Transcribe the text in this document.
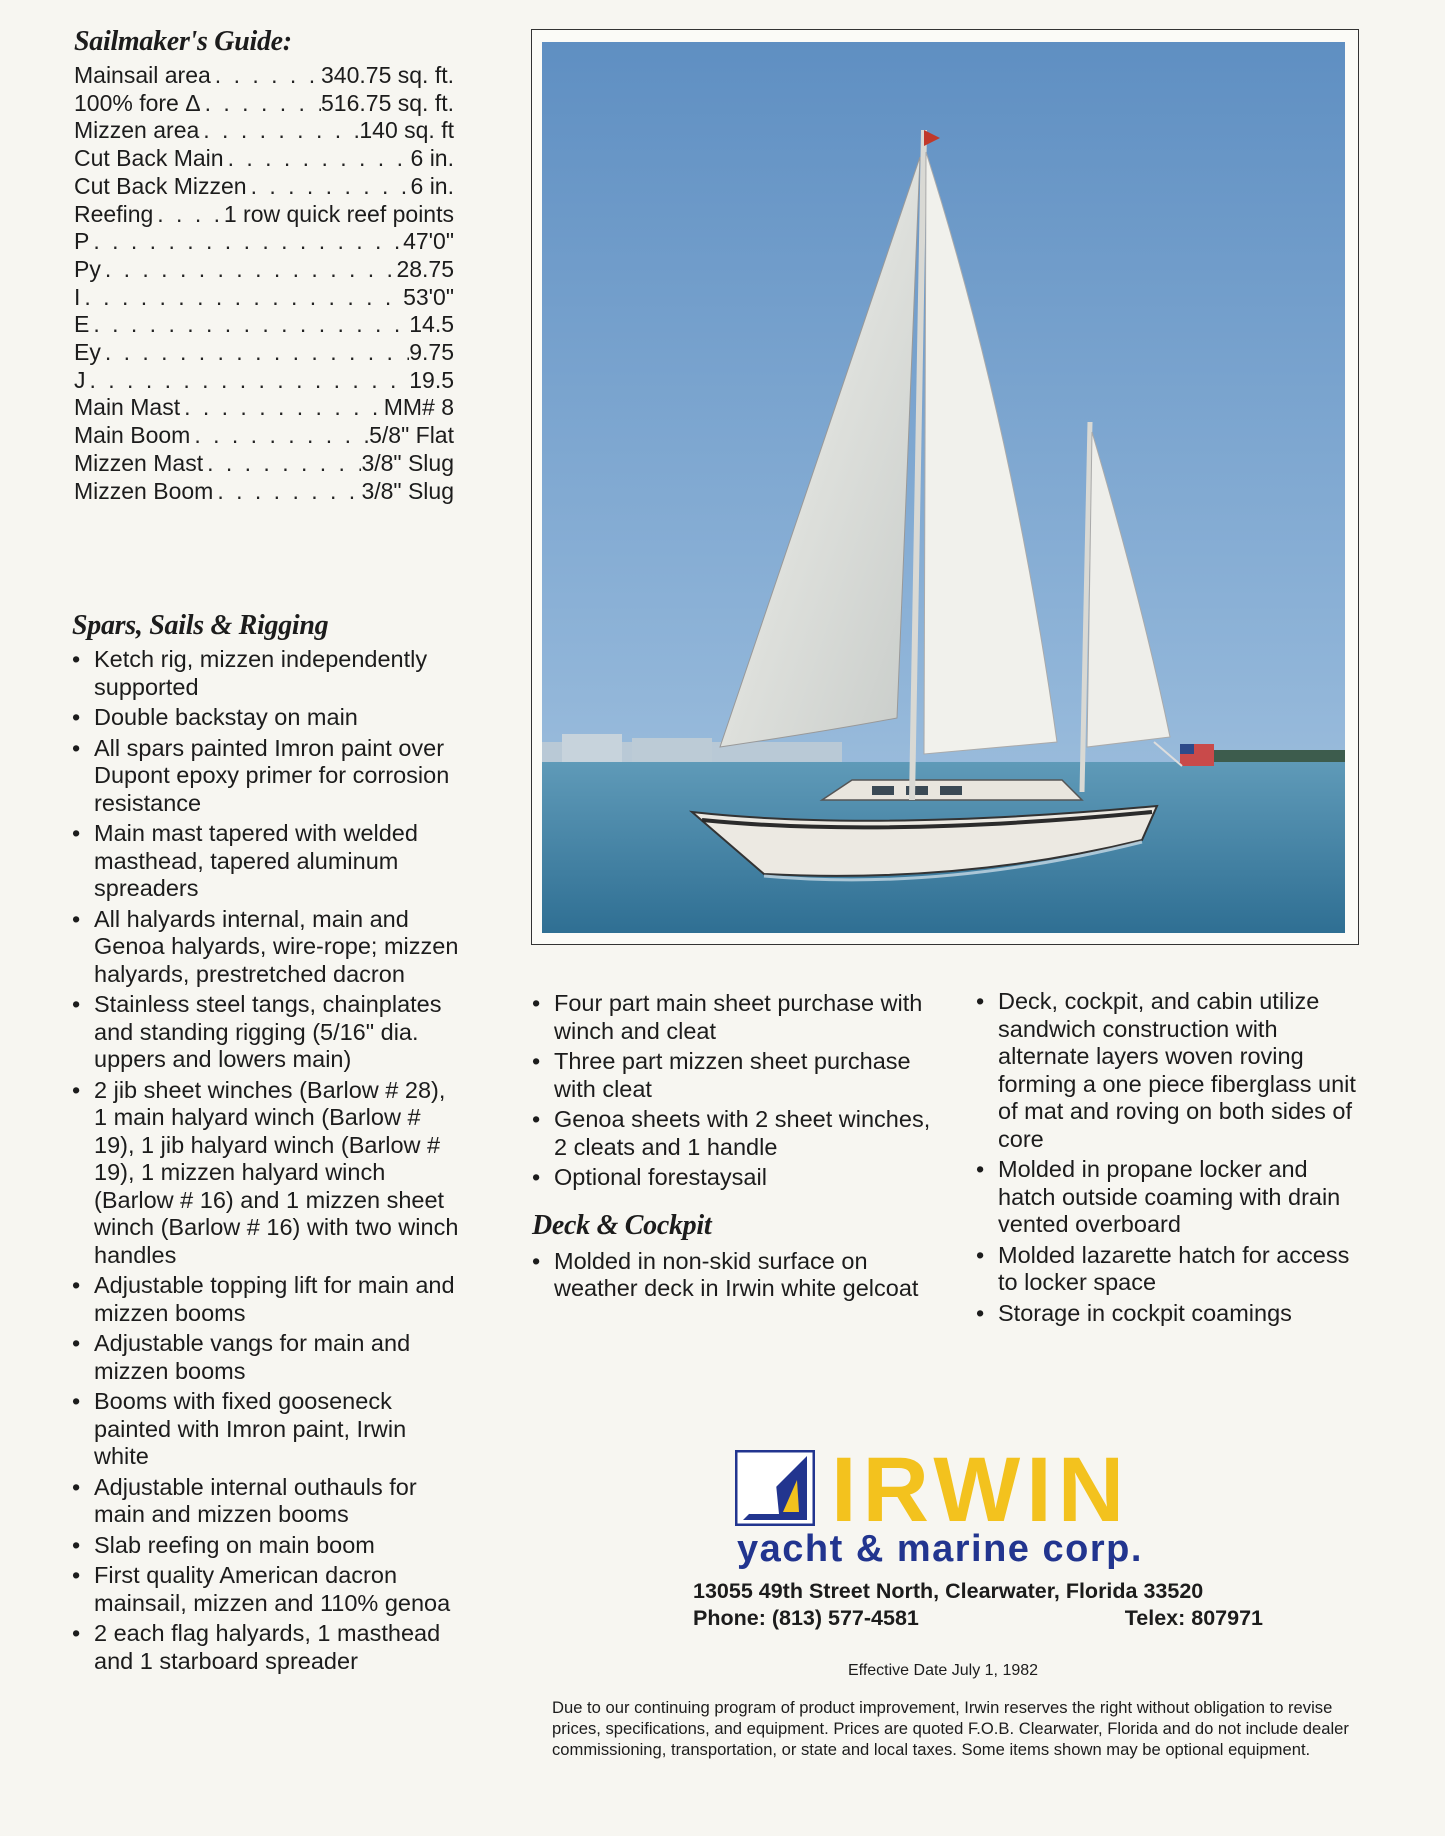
Sailmaker's Guide:
Mainsail area . . .	340.75 sq. ft.
100% fore Δ . . .	516.75 sq. ft.
Mizzen area . . .	140 sq. ft
Cut Back Main . . .	6 in.
Cut Back Mizzen . . .	6 in.
Reefing . . .	1 row quick reef points
P . . .	47'0"
Py . . .	28.75
I . . .	53'0"
E . . .	14.5
Ey . . .	9.75
J . . .	19.5
Main Mast . . .	MM# 8
Main Boom . . .	5/8" Flat
Mizzen Mast . . .	3/8" Slug
Mizzen Boom . . .	3/8" Slug
Spars, Sails & Rigging
• Ketch rig, mizzen independently supported
• Double backstay on main
• All spars painted Imron paint over Dupont epoxy primer for corrosion resistance
• Main mast tapered with welded masthead, tapered aluminum spreaders
• All halyards internal, main and Genoa halyards, wire-rope; mizzen halyards, prestretched dacron
• Stainless steel tangs, chainplates and standing rigging (5/16" dia. uppers and lowers main)
• 2 jib sheet winches (Barlow # 28), 1 main halyard winch (Barlow # 19), 1 jib halyard winch (Barlow # 19), 1 mizzen halyard winch (Barlow # 16) and 1 mizzen sheet winch (Barlow # 16) with two winch handles
• Adjustable topping lift for main and mizzen booms
• Adjustable vangs for main and mizzen booms
• Booms with fixed gooseneck painted with Imron paint, Irwin white
• Adjustable internal outhauls for main and mizzen booms
• Slab reefing on main boom
• First quality American dacron mainsail, mizzen and 110% genoa
• 2 each flag halyards, 1 masthead and 1 starboard spreader
• Four part main sheet purchase with winch and cleat
• Three part mizzen sheet purchase with cleat
• Genoa sheets with 2 sheet winches, 2 cleats and 1 handle
• Optional forestaysail
Deck & Cockpit
• Molded in non-skid surface on weather deck in Irwin white gelcoat
• Deck, cockpit, and cabin utilize sandwich construction with alternate layers woven roving forming a one piece fiberglass unit of mat and roving on both sides of core
• Molded in propane locker and hatch outside coaming with drain vented overboard
• Molded lazarette hatch for access to locker space
• Storage in cockpit coamings
IRWIN
yacht & marine corp.
13055 49th Street North, Clearwater, Florida 33520
Phone: (813) 577-4581	Telex: 807971
Effective Date July 1, 1982
Due to our continuing program of product improvement, Irwin reserves the right without obligation to revise prices, specifications, and equipment. Prices are quoted F.O.B. Clearwater, Florida and do not include dealer commissioning, transportation, or state and local taxes. Some items shown may be optional equipment.
